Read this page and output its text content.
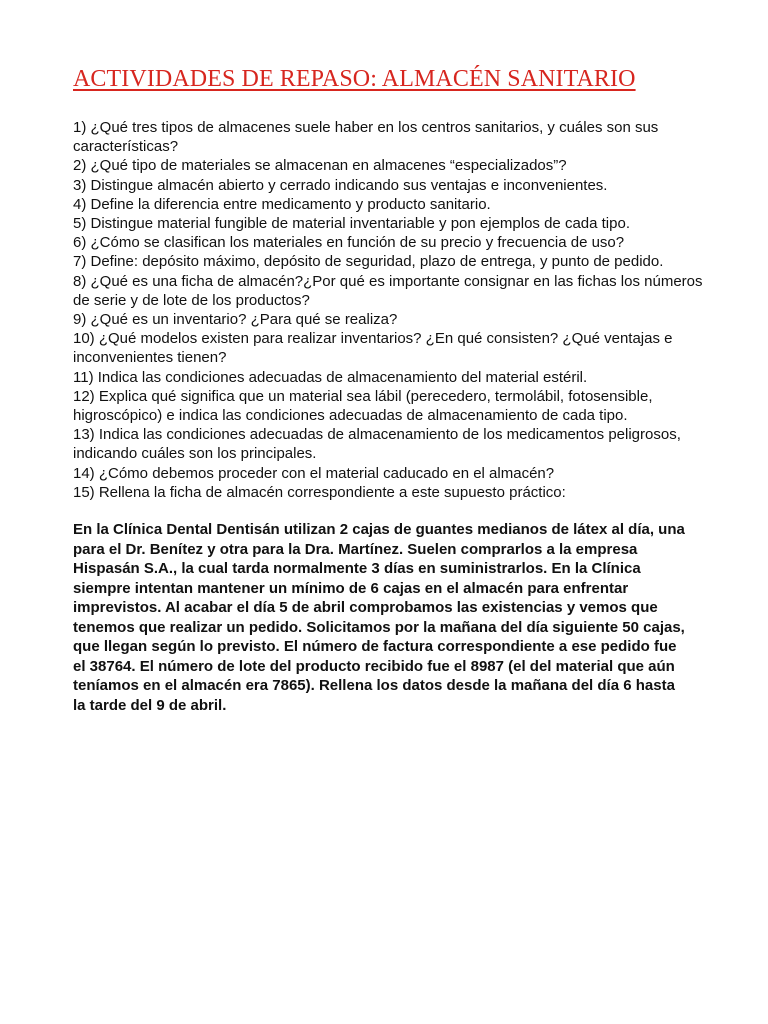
ACTIVIDADES DE REPASO: ALMACÉN SANITARIO
1) ¿Qué tres tipos de almacenes suele haber en los centros sanitarios, y cuáles son sus características?
2) ¿Qué tipo de materiales se almacenan en almacenes “especializados”?
3) Distingue almacén abierto y cerrado indicando sus ventajas e inconvenientes.
4) Define la diferencia entre medicamento y producto sanitario.
5) Distingue material fungible de material inventariable y pon ejemplos de cada tipo.
6) ¿Cómo se clasifican los materiales en función de su precio y frecuencia de uso?
7) Define: depósito máximo, depósito de seguridad, plazo de entrega, y punto de pedido.
8) ¿Qué es una ficha de almacén?¿Por qué es importante consignar en las fichas los números de serie y de lote de los productos?
9) ¿Qué es un inventario? ¿Para qué se realiza?
10) ¿Qué modelos existen para realizar inventarios? ¿En qué consisten? ¿Qué ventajas e inconvenientes tienen?
11) Indica las condiciones adecuadas de almacenamiento del material estéril.
12) Explica qué significa que un material sea lábil (perecedero, termolábil, fotosensible, higroscópico) e indica las condiciones adecuadas de almacenamiento de cada tipo.
13) Indica las condiciones adecuadas de almacenamiento de los medicamentos peligrosos, indicando cuáles son los principales.
14) ¿Cómo debemos proceder con el material caducado en el almacén?
15) Rellena la ficha de almacén correspondiente a este supuesto práctico:

En la Clínica Dental Dentisán utilizan 2 cajas de guantes medianos de látex al día, una para el Dr. Benítez y otra para la Dra. Martínez. Suelen comprarlos a la empresa Hispasán S.A., la cual tarda normalmente 3 días en suministrarlos. En la Clínica siempre intentan mantener un mínimo de 6 cajas en el almacén para enfrentar imprevistos. Al acabar el día 5 de abril comprobamos las existencias y vemos que tenemos que realizar un pedido. Solicitamos por la mañana del día siguiente 50 cajas, que llegan según lo previsto. El número de factura correspondiente a ese pedido fue el 38764. El número de lote del producto recibido fue el 8987 (el del material que aún teníamos en el almacén era 7865). Rellena los datos desde la mañana del día 6 hasta la tarde del 9 de abril.
